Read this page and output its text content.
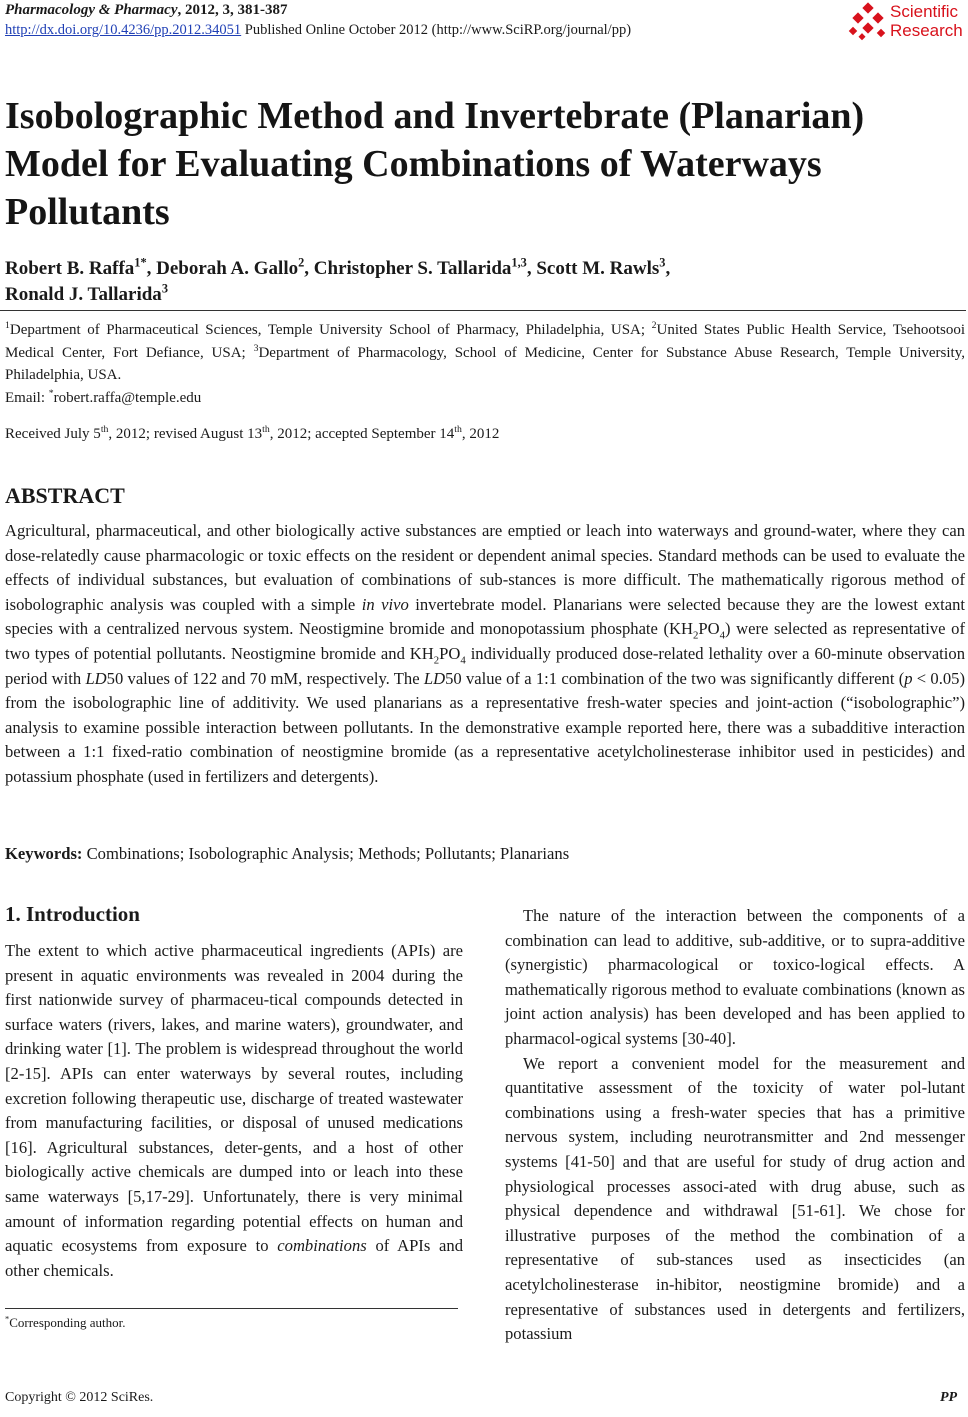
Pharmacology & Pharmacy, 2012, 3, 381-387
http://dx.doi.org/10.4236/pp.2012.34051 Published Online October 2012 (http://www.SciRP.org/journal/pp)
Scientific
Research
Isobolographic Method and Invertebrate (Planarian) Model for Evaluating Combinations of Waterways Pollutants
Robert B. Raffa$^{1*}$, Deborah A. Gallo$^2$, Christopher S. Tallarida$^{1,3}$, Scott M. Rawls$^3$,
Ronald J. Tallarida$^3$
$^1$Department of Pharmaceutical Sciences, Temple University School of Pharmacy, Philadelphia, USA; $^2$United States Public Health Service, Tsehootsooi Medical Center, Fort Defiance, USA; $^3$Department of Pharmacology, School of Medicine, Center for Substance Abuse Research, Temple University, Philadelphia, USA.
Email: *robert.raffa@temple.edu
Received July 5th, 2012; revised August 13th, 2012; accepted September 14th, 2012
ABSTRACT

Agricultural, pharmaceutical, and other biologically active substances are emptied or leach into waterways and ground-water, where they can dose-relatedly cause pharmacologic or toxic effects on the resident or dependent animal species. Standard methods can be used to evaluate the effects of individual substances, but evaluation of combinations of sub-stances is more difficult. The mathematically rigorous method of isobolographic analysis was coupled with a simple in vivo invertebrate model. Planarians were selected because they are the lowest extant species with a centralized nervous system. Neostigmine bromide and monopotassium phosphate $(KH_2PO_4)$ were selected as representative of two types of potential pollutants. Neostigmine bromide and $KH_2PO_4$ individually produced dose-related lethality over a 60-minute observation period with LD50 values of 122 and 70 mM, respectively. The LD50 value of a 1:1 combination of the two was significantly different (p < 0.05) from the isobolographic line of additivity. We used planarians as a representative fresh-water species and joint-action (“isobolographic”) analysis to examine possible interaction between pollutants. In the demonstrative example reported here, there was a subadditive interaction between a 1:1 fixed-ratio combination of neostigmine bromide (as a representative acetylcholinesterase inhibitor used in pesticides) and potassium phosphate (used in fertilizers and detergents).

Keywords: Combinations; Isobolographic Analysis; Methods; Pollutants; Planarians
1. Introduction

The extent to which active pharmaceutical ingredients (APIs) are present in aquatic environments was revealed in 2004 during the first nationwide survey of pharmaceu-tical compounds detected in surface waters (rivers, lakes, and marine waters), groundwater, and drinking water [1]. The problem is widespread throughout the world [2-15]. APIs can enter waterways by several routes, including excretion following therapeutic use, discharge of treated wastewater from manufacturing facilities, or disposal of unused medications [16]. Agricultural substances, deter-gents, and a host of other biologically active chemicals are dumped into or leach into these same waterways [5,17-29]. Unfortunately, there is very minimal amount of information regarding potential effects on human and aquatic ecosystems from exposure to combinations of APIs and other chemicals.

The nature of the interaction between the components of a combination can lead to additive, sub-additive, or to supra-additive (synergistic) pharmacological or toxico-logical effects. A mathematically rigorous method to evaluate combinations (known as joint action analysis) has been developed and has been applied to pharmacol-ogical systems [30-40].

We report a convenient model for the measurement and quantitative assessment of the toxicity of water pol-lutant combinations using a fresh-water species that has a primitive nervous system, including neurotransmitter and 2nd messenger systems [41-50] and that are useful for study of drug action and physiological processes associ-ated with drug abuse, such as physical dependence and withdrawal [51-61]. We chose for illustrative purposes of the method the combination of a representative of sub-stances used as insecticides (an acetylcholinesterase in-hibitor, neostigmine bromide) and a representative of substances used in detergents and fertilizers, potassium

*Corresponding author.
Copyright © 2012 SciRes.	PP
